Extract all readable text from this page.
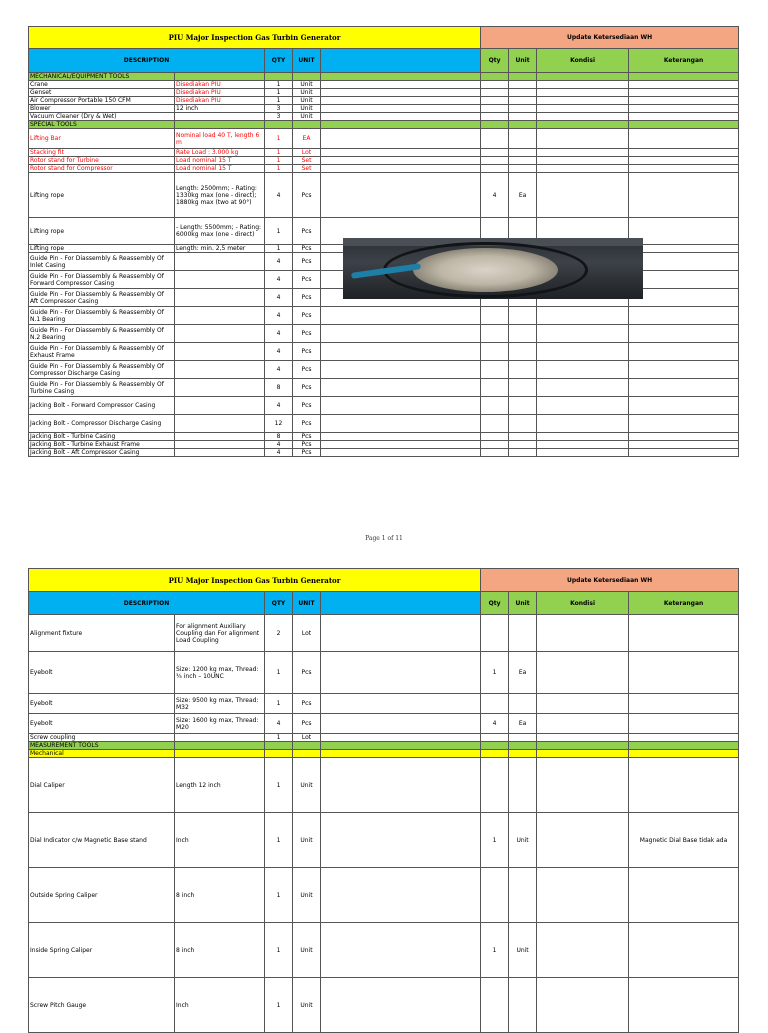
PIU Major Inspection Gas Turbin Generator					Update Ketersediaan WH			
DESCRIPTION		QTY	UNIT		Qty	Unit	Kondisi	Keterangan
MECHANICAL/EQUIPMENT TOOLS								
Crane	Disediakan PIU	1	Unit					
Genset	Disediakan PIU	1	Unit					
Air Compressor Portable 150 CFM	Disediakan PIU	1	Unit					
Blower	12 inch	3	Unit					
Vacuum Cleaner (Dry & Wet)		3	Unit					
SPECIAL TOOLS								
Lifting Bar	Nominal load 40 T, length 6 m	1	EA					
Stacking fit	Rate Load : 3.000 kg	1	Lot					
Rotor stand for Turbine	Load nominal 15 T	1	Set					
Rotor stand for Compressor	Load nominal 15 T	1	Set					
Lifting rope	Length: 2500mm; - Rating: 1330kg max (one - direct); 1880kg max (two at 90°)	4	Pcs		4	Ea		
Lifting rope	- Length: 5500mm; - Rating: 6000kg max (one - direct)	1	Pcs					
Lifting rope	Length: min. 2,5 meter	1	Pcs					
Guide Pin - For Diassembly & Reassembly Of Inlet Casing		4	Pcs					
Guide Pin - For Diassembly & Reassembly Of Forward Compressor Casing		4	Pcs					
Guide Pin - For Diassembly & Reassembly Of Aft Compressor Casing		4	Pcs					
Guide Pin - For Diassembly & Reassembly Of N.1 Bearing		4	Pcs					
Guide Pin - For Diassembly & Reassembly Of N.2 Bearing		4	Pcs					
Guide Pin - For Diassembly & Reassembly Of Exhaust Frame		4	Pcs					
Guide Pin - For Diassembly & Reassembly Of Compressor Discharge Casing		4	Pcs					
Guide Pin - For Diassembly & Reassembly Of Turbine Casing		8	Pcs					
Jacking Bolt - Forward Compressor Casing		4	Pcs					
Jacking Bolt - Compressor Discharge Casing		12	Pcs					
Jacking Bolt - Turbine Casing		8	Pcs					
Jacking Bolt - Turbine Exhaust Frame		4	Pcs					
Jacking Bolt - Aft Compressor Casing		4	Pcs					
Page 1 of 11
PIU Major Inspection Gas Turbin Generator					Update Ketersediaan WH			
DESCRIPTION		QTY	UNIT		Qty	Unit	Kondisi	Keterangan
Alignment fixture	For alignment Auxiliary Coupling dan For alignment Load Coupling	2	Lot					
Eyebolt	Size: 1200 kg max, Thread: ¾ inch – 10UNC	1	Pcs		1	Ea		
Eyebolt	Size: 9500 kg max, Thread: M32	1	Pcs					
Eyebolt	Size: 1600 kg max, Thread: M20	4	Pcs		4	Ea		
Screw coupling		1	Lot					
MEASUREMENT TOOLS								
Mechanical								
Dial Caliper	Length 12 inch	1	Unit					
Dial Indicator c/w Magnetic Base stand	Inch	1	Unit		1	Unit		Magnetic Dial Base tidak ada
Outside Spring Caliper	8 inch	1	Unit					
Inside Spring Caliper	8 inch	1	Unit		1	Unit		
Screw Pitch Gauge	Inch	1	Unit					
